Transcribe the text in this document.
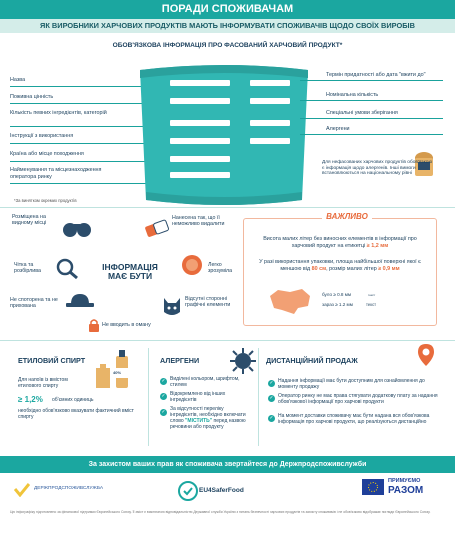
ПОРАДИ СПОЖИВАЧАМ
ЯК ВИРОБНИКИ ХАРЧОВИХ ПРОДУКТІВ МАЮТЬ ІНФОРМУВАТИ СПОЖИВАЧІВ ЩОДО СВОЇХ ВИРОБІВ
ОБОВ'ЯЗКОВА ІНФОРМАЦІЯ ПРО ФАСОВАНИЙ ХАРЧОВИЙ ПРОДУКТ*
Назва
Поживна цінність
Кількість певних інгредієнтів, категорій
Інструкції з використання
Країна або місце походження
Найменування та місцезнаходження оператора ринку
Термін придатності або дата "вжити до"
Номінальна кількість
Спеціальні умови зберігання
Алергени
Для нефасованих харчових продуктів обов'язкою є інформація щодо алергенів. Інші вимоги встановлюються на національному рівні
*За винятком окремих продуктів
Розміщена на видному місці
Нанесена так, що її неможливо видалити
Чітка та розбірлива	ІНФОРМАЦІЯ МАЄ БУТИ
Легко зрозуміла
Не споторена та не прихована
Відсутні сторонні графічні елементи
Не вводить в оману
ВАЖЛИВО
Висота малих літер без виносних елементів в інформації про харчовий продукт на етикетці ≥ 1,2 мм
У разі використання упаковки, площа найбільшої поверхні якої є меншою від 80 см, розмір малих літер ≥ 0,9 мм
було ≥ 0.8 мм	текст
зараз ≥ 1.2 мм	текст
ЕТИЛОВИЙ СПИРТ
40%
Для напоїв із вмістом етилового спирту
≥ 1,2% об'ємних одиниць
необхідно обов'язково вказувати фактичний вміст спирту
АЛЕРГЕНИ
✓ Виділені кольором, шрифтом, стилем
✓ Відокремлено від інших інгредієнтів
✓ За відсутності переліку інгредієнтів, необхідно включати слово "МІСТИТЬ" перед назвою речовини або продукту
ДИСТАНЦІЙНИЙ ПРОДАЖ
✓ Надання інформації має бути доступним для ознайомлення до моменту продажу
✓ Оператор ринку не має права стягувати додаткову плату за надання обов'язкової інформації про харчові продукти
✓ На момент доставки споживачу має бути надана вся обов'язкова інформація про харчові продукти, що реалізуються дистанційно
За захистом ваших прав як споживача звертайтеся до Держпродспоживслужби
ДЕРЖПРОДСПОЖИВСЛУЖБА	EU4SaferFood
ПРИМУЄМО
РАЗОМ
Цю інфографіку підготовлено за фінансової підтримки Європейського Союзу. Її зміст є виключною відповідальністю Державної служби України з питань безпечності харчових продуктів та захисту споживачів і не обов'язково відображає погляди Європейського Союзу.
